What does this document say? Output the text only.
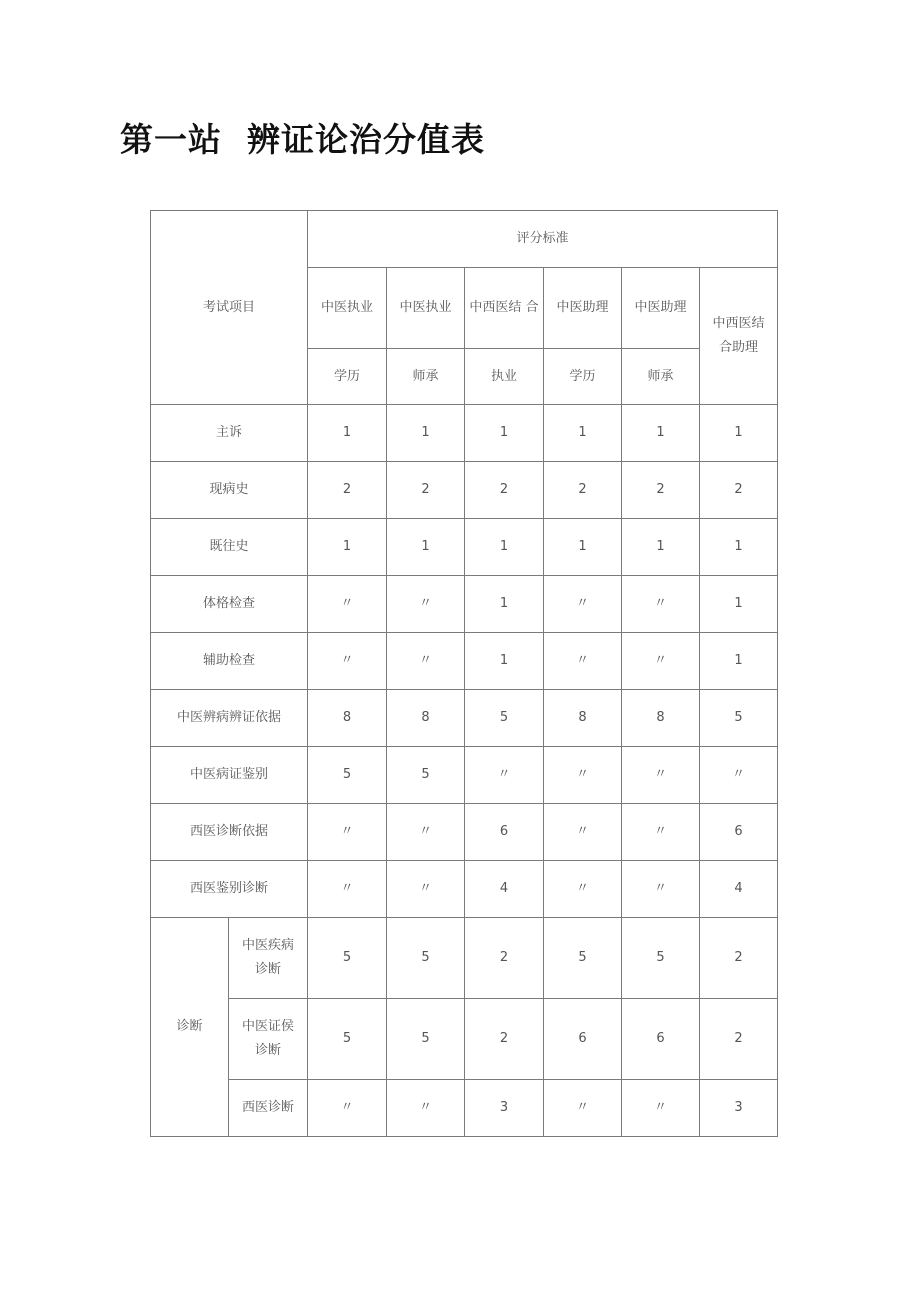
第一站  辨证论治分值表
考试项目		评分标准					
		中医执业	中医执业	中西医结 合	中医助理	中医助理	中西医结合助理
		学历	师承	执业	学历	师承	
主诉		1	1	1	1	1	1
现病史		2	2	2	2	2	2
既往史		1	1	1	1	1	1
体格检查		〃	〃	1	〃	〃	1
辅助检查		〃	〃	1	〃	〃	1
中医辨病辨证依据		8	8	5	8	8	5
中医病证鉴别		5	5	〃	〃	〃	〃
西医诊断依据		〃	〃	6	〃	〃	6
西医鉴别诊断		〃	〃	4	〃	〃	4
诊断	中医疾病诊断	5	5	2	5	5	2
	中医证侯诊断	5	5	2	6	6	2
	西医诊断	〃	〃	3	〃	〃	3
